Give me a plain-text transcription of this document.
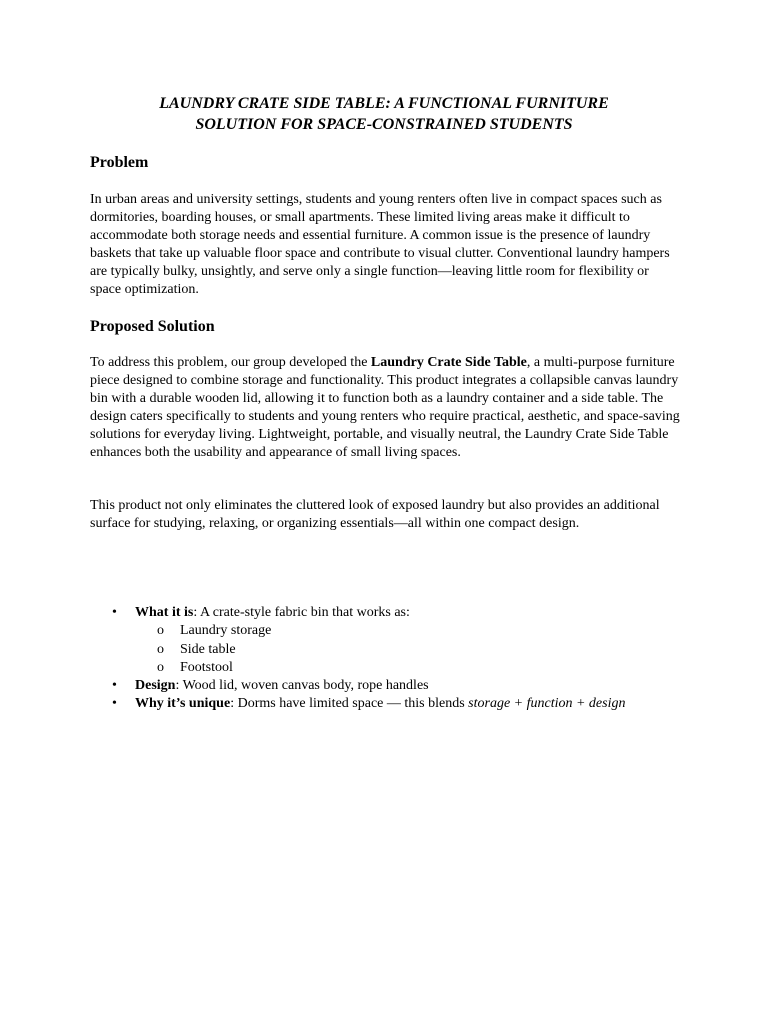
LAUNDRY CRATE SIDE TABLE: A FUNCTIONAL FURNITURE
SOLUTION FOR SPACE-CONSTRAINED STUDENTS
Problem

In urban areas and university settings, students and young renters often live in compact spaces such as dormitories, boarding houses, or small apartments. These limited living areas make it difficult to accommodate both storage needs and essential furniture. A common issue is the presence of laundry baskets that take up valuable floor space and contribute to visual clutter. Conventional laundry hampers are typically bulky, unsightly, and serve only a single function—leaving little room for flexibility or space optimization.

Proposed Solution

To address this problem, our group developed the Laundry Crate Side Table, a multi-purpose furniture piece designed to combine storage and functionality. This product integrates a collapsible canvas laundry bin with a durable wooden lid, allowing it to function both as a laundry container and a side table. The design caters specifically to students and young renters who require practical, aesthetic, and space-saving solutions for everyday living. Lightweight, portable, and visually neutral, the Laundry Crate Side Table enhances both the usability and appearance of small living spaces.

This product not only eliminates the cluttered look of exposed laundry but also provides an additional surface for studying, relaxing, or organizing essentials—all within one compact design.

• What it is: A crate-style fabric bin that works as:
o Laundry storage
o Side table
o Footstool
• Design: Wood lid, woven canvas body, rope handles
• Why it’s unique: Dorms have limited space — this blends storage + function + design
